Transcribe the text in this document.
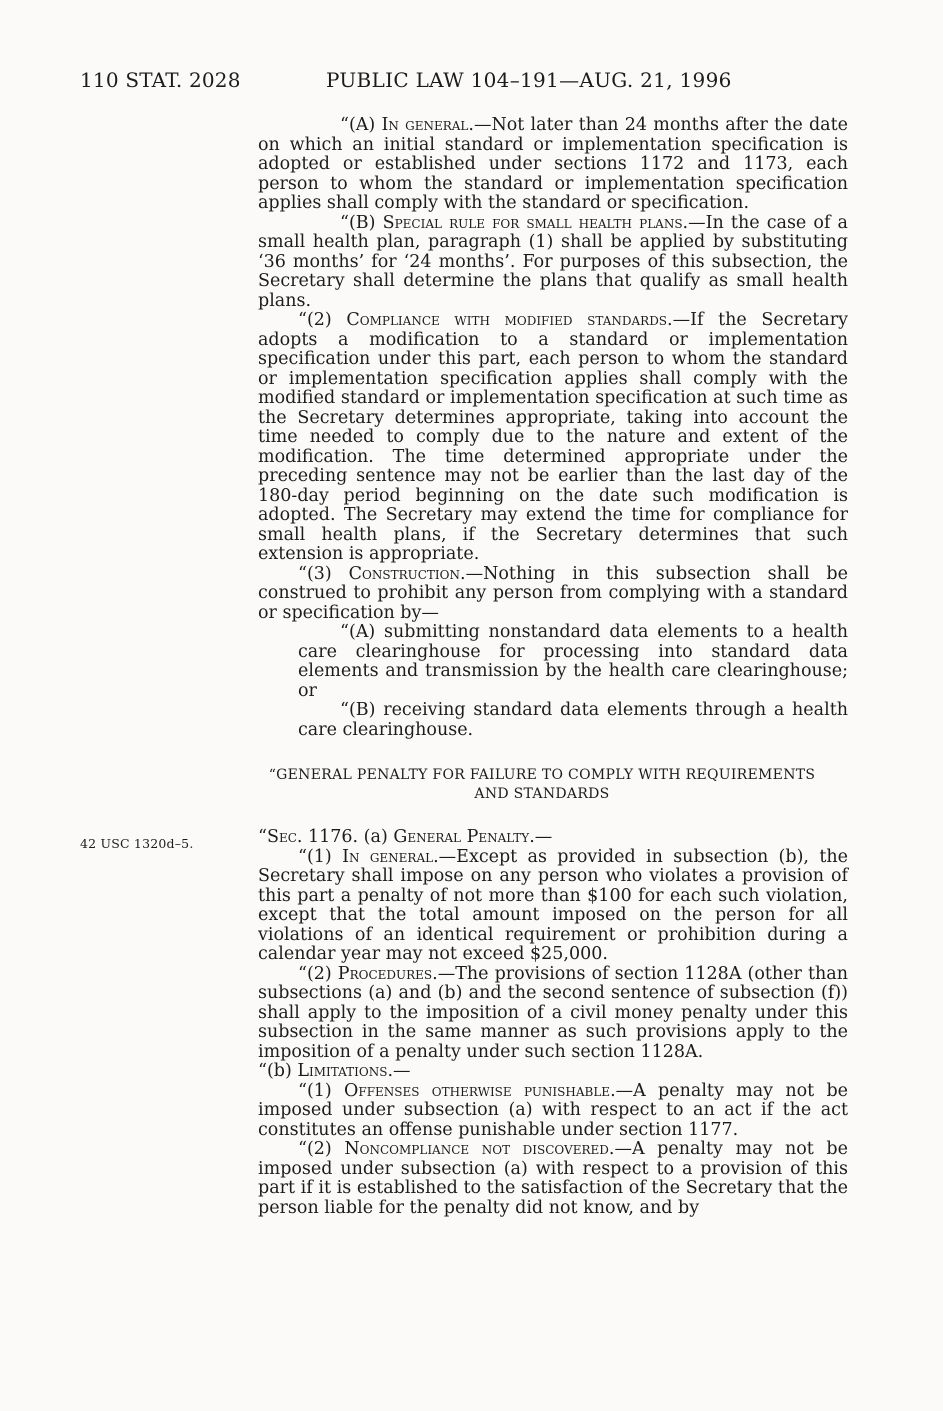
110 STAT. 2028	PUBLIC LAW 104–191—AUG. 21, 1996
42 USC 1320d–5.

“(A) In general.—Not later than 24 months after the date on which an initial standard or implementation specification is adopted or established under sections 1172 and 1173, each person to whom the standard or implementation specification applies shall comply with the standard or specification.

“(B) Special rule for small health plans.—In the case of a small health plan, paragraph (1) shall be applied by substituting ‘36 months’ for ‘24 months’. For purposes of this subsection, the Secretary shall determine the plans that qualify as small health plans.

“(2) Compliance with modified standards.—If the Secretary adopts a modification to a standard or implementation specification under this part, each person to whom the standard or implementation specification applies shall comply with the modified standard or implementation specification at such time as the Secretary determines appropriate, taking into account the time needed to comply due to the nature and extent of the modification. The time determined appropriate under the preceding sentence may not be earlier than the last day of the 180-day period beginning on the date such modification is adopted. The Secretary may extend the time for compliance for small health plans, if the Secretary determines that such extension is appropriate.

“(3) Construction.—Nothing in this subsection shall be construed to prohibit any person from complying with a standard or specification by—

“(A) submitting nonstandard data elements to a health care clearinghouse for processing into standard data elements and transmission by the health care clearinghouse; or

“(B) receiving standard data elements through a health care clearinghouse.

“GENERAL PENALTY FOR FAILURE TO COMPLY WITH REQUIREMENTS
AND STANDARDS

“Sec. 1176. (a) General Penalty.—

“(1) In general.—Except as provided in subsection (b), the Secretary shall impose on any person who violates a provision of this part a penalty of not more than $100 for each such violation, except that the total amount imposed on the person for all violations of an identical requirement or prohibition during a calendar year may not exceed $25,000.

“(2) Procedures.—The provisions of section 1128A (other than subsections (a) and (b) and the second sentence of subsection (f)) shall apply to the imposition of a civil money penalty under this subsection in the same manner as such provisions apply to the imposition of a penalty under such section 1128A.

“(b) Limitations.—

“(1) Offenses otherwise punishable.—A penalty may not be imposed under subsection (a) with respect to an act if the act constitutes an offense punishable under section 1177.

“(2) Noncompliance not discovered.—A penalty may not be imposed under subsection (a) with respect to a provision of this part if it is established to the satisfaction of the Secretary that the person liable for the penalty did not know, and by
